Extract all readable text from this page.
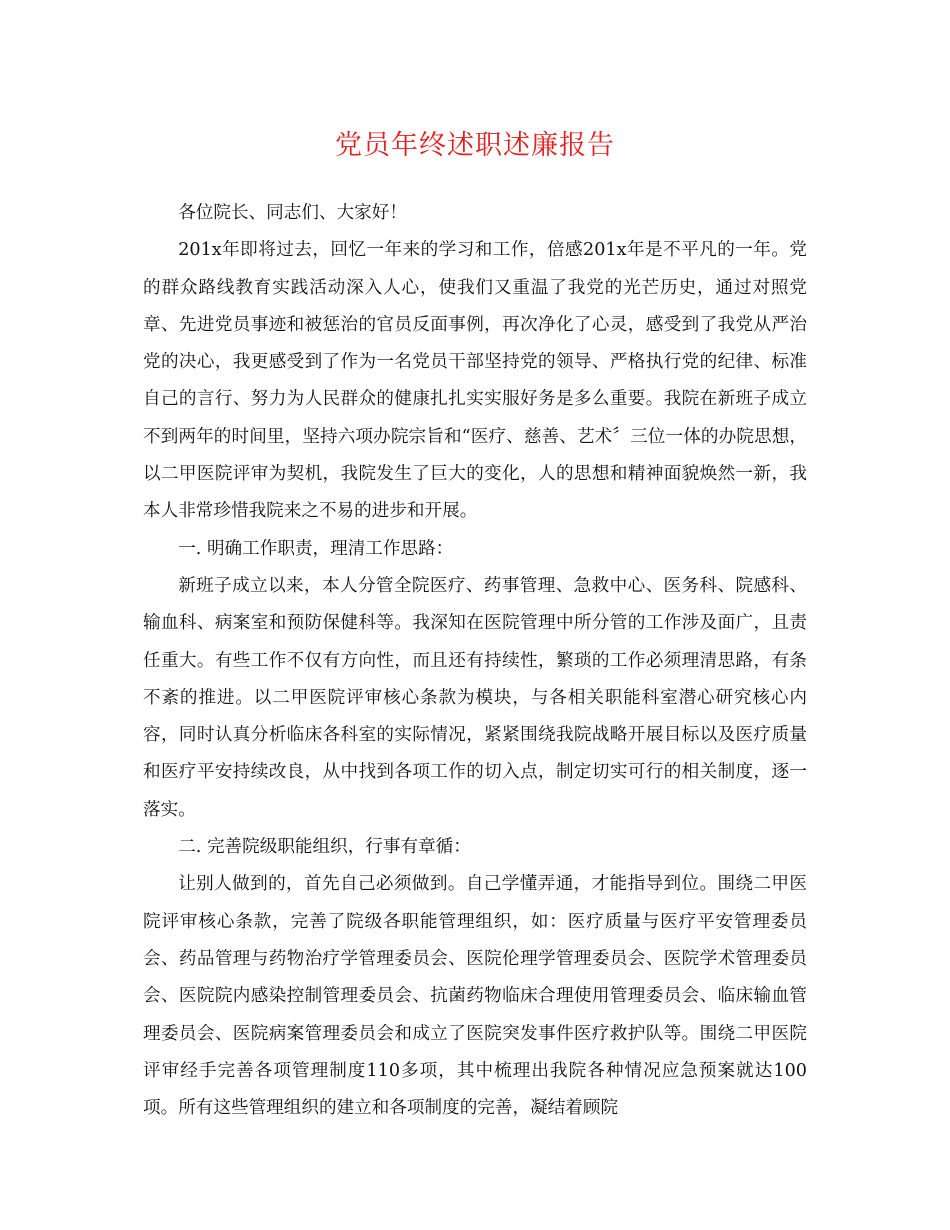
党员年终述职述廉报告

各位院长、同志们、大家好！

201x年即将过去，回忆一年来的学习和工作，倍感201x年是不平凡的一年。党的群众路线教育实践活动深入人心，使我们又重温了我党的光芒历史，通过对照党章、先进党员事迹和被惩治的官员反面事例，再次净化了心灵，感受到了我党从严治党的决心，我更感受到了作为一名党员干部坚持党的领导、严格执行党的纪律、标准自己的言行、努力为人民群众的健康扎扎实实服好务是多么重要。我院在新班子成立不到两年的时间里，坚持六项办院宗旨和“医疗、慈善、艺术〞三位一体的办院思想，以二甲医院评审为契机，我院发生了巨大的变化，人的思想和精神面貌焕然一新，我本人非常珍惜我院来之不易的进步和开展。

一. 明确工作职责，理清工作思路：

新班子成立以来，本人分管全院医疗、药事管理、急救中心、医务科、院感科、输血科、病案室和预防保健科等。我深知在医院管理中所分管的工作涉及面广，且责任重大。有些工作不仅有方向性，而且还有持续性，繁琐的工作必须理清思路，有条不紊的推进。以二甲医院评审核心条款为模块，与各相关职能科室潜心研究核心内容，同时认真分析临床各科室的实际情况，紧紧围绕我院战略开展目标以及医疗质量和医疗平安持续改良，从中找到各项工作的切入点，制定切实可行的相关制度，逐一落实。

二. 完善院级职能组织，行事有章循：

让别人做到的，首先自己必须做到。自己学懂弄通，才能指导到位。围绕二甲医院评审核心条款，完善了院级各职能管理组织，如：医疗质量与医疗平安管理委员会、药品管理与药物治疗学管理委员会、医院伦理学管理委员会、医院学术管理委员会、医院院内感染控制管理委员会、抗菌药物临床合理使用管理委员会、临床输血管理委员会、医院病案管理委员会和成立了医院突发事件医疗救护队等。围绕二甲医院评审经手完善各项管理制度110多项，其中梳理出我院各种情况应急预案就达100项。所有这些管理组织的建立和各项制度的完善，凝结着顾院
